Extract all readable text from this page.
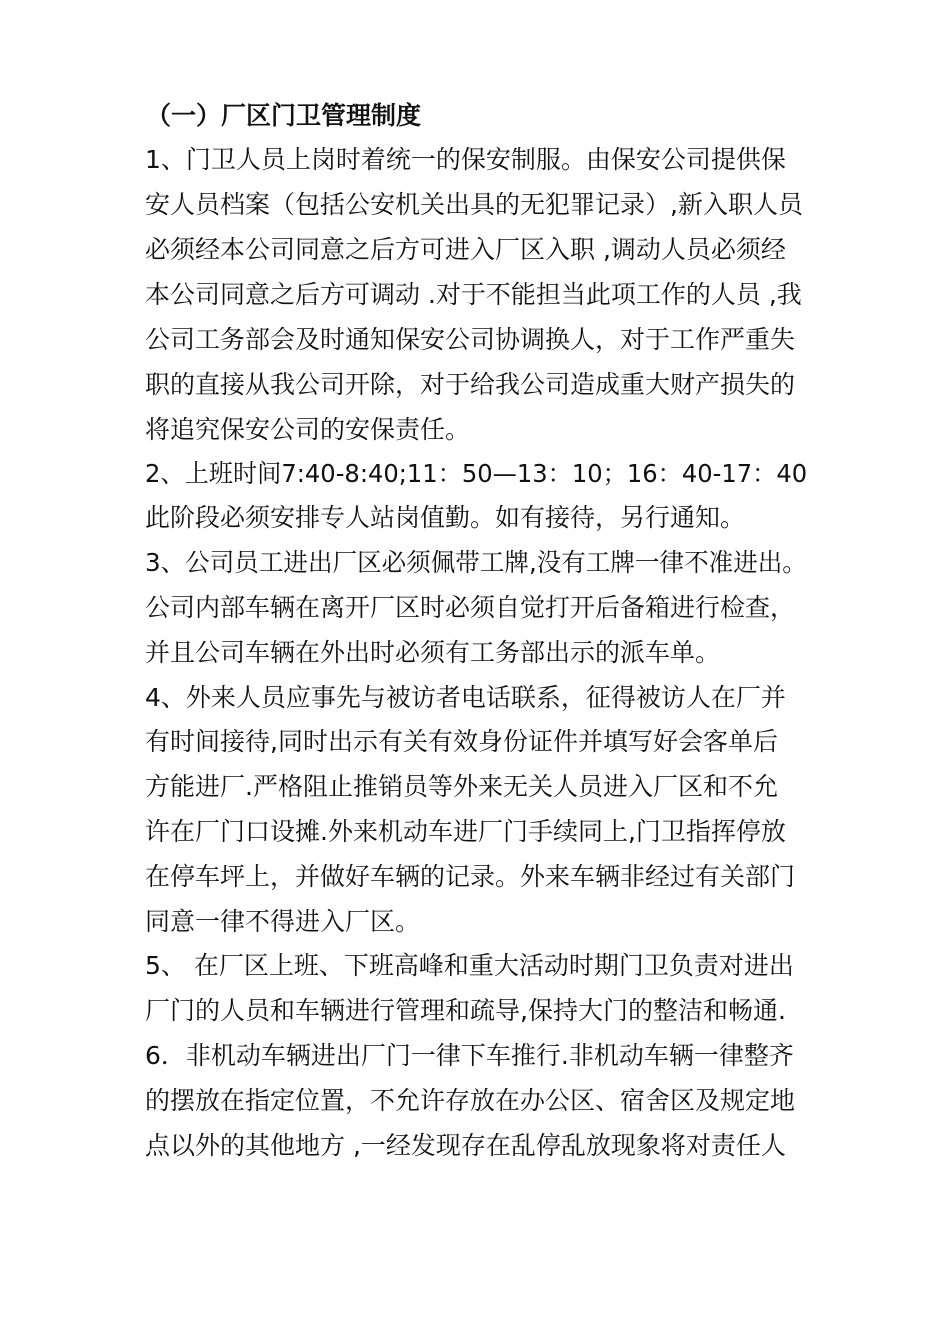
（一）厂区门卫管理制度
1、门卫人员上岗时着统一的保安制服。由保安公司提供保
安人员档案（包括公安机关出具的无犯罪记录）,新入职人员
必须经本公司同意之后方可进入厂区入职 ,调动人员必须经
本公司同意之后方可调动 .对于不能担当此项工作的人员 ,我
公司工务部会及时通知保安公司协调换人，对于工作严重失
职的直接从我公司开除，对于给我公司造成重大财产损失的
将追究保安公司的安保责任。
2、上班时间7:40-8:40;11：50—13：10；16：40-17：40
此阶段必须安排专人站岗值勤。如有接待，另行通知。
3、公司员工进出厂区必须佩带工牌,没有工牌一律不准进出。
公司内部车辆在离开厂区时必须自觉打开后备箱进行检查，
并且公司车辆在外出时必须有工务部出示的派车单。
4、外来人员应事先与被访者电话联系，征得被访人在厂并
有时间接待,同时出示有关有效身份证件并填写好会客单后
方能进厂.严格阻止推销员等外来无关人员进入厂区和不允
许在厂门口设摊.外来机动车进厂门手续同上,门卫指挥停放
在停车坪上，并做好车辆的记录。外来车辆非经过有关部门
同意一律不得进入厂区。
5、 在厂区上班、下班高峰和重大活动时期门卫负责对进出
厂门的人员和车辆进行管理和疏导,保持大门的整洁和畅通.
6．非机动车辆进出厂门一律下车推行.非机动车辆一律整齐
的摆放在指定位置，不允许存放在办公区、宿舍区及规定地
点以外的其他地方 ,一经发现存在乱停乱放现象将对责任人
